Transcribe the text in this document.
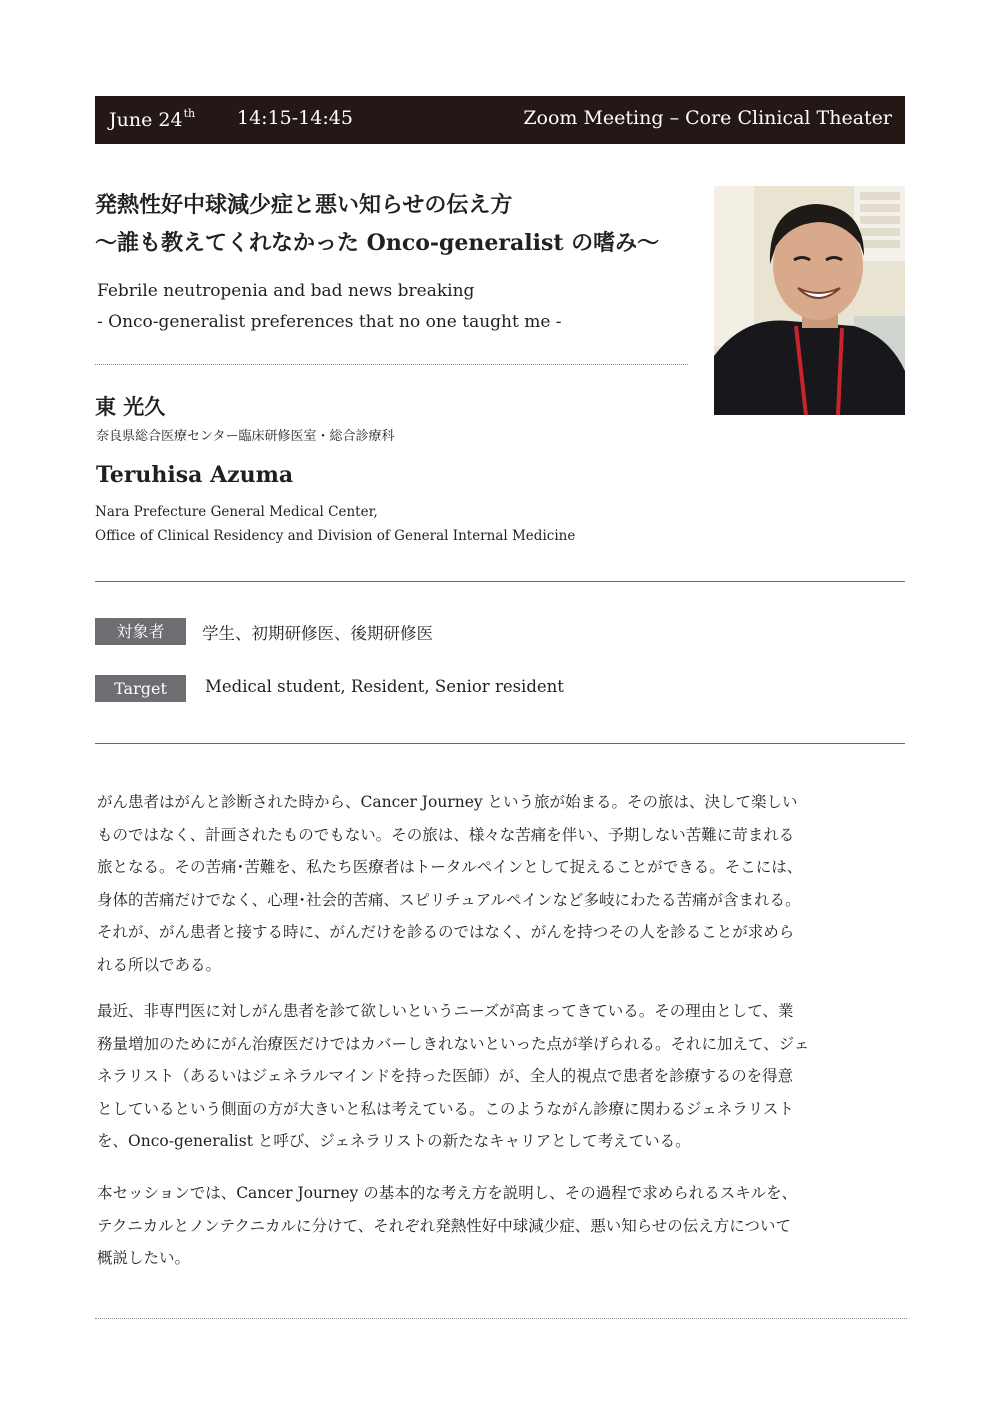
June 24th 14:15-14:45	Zoom Meeting – Core Clinical Theater
発熱性好中球減少症と悪い知らせの伝え方
～誰も教えてくれなかった Onco-generalist の嗜み～
Febrile neutropenia and bad news breaking
- Onco-generalist preferences that no one taught me -
東 光久
奈良県総合医療センター臨床研修医室・総合診療科
Teruhisa Azuma
Nara Prefecture General Medical Center,
Office of Clinical Residency and Division of General Internal Medicine
対象者	学生、初期研修医、後期研修医
Target	Medical student, Resident, Senior resident
がん患者はがんと診断された時から、Cancer Journey という旅が始まる。その旅は、決して楽しい
ものではなく、計画されたものでもない。その旅は、様々な苦痛を伴い、予期しない苦難に苛まれる
旅となる。その苦痛･苦難を、私たち医療者はトータルペインとして捉えることができる。そこには、
身体的苦痛だけでなく、心理･社会的苦痛、スピリチュアルペインなど多岐にわたる苦痛が含まれる。
それが、がん患者と接する時に、がんだけを診るのではなく、がんを持つその人を診ることが求めら
れる所以である。
最近、非専門医に対しがん患者を診て欲しいというニーズが高まってきている。その理由として、業
務量増加のためにがん治療医だけではカバーしきれないといった点が挙げられる。それに加えて、ジェ
ネラリスト（あるいはジェネラルマインドを持った医師）が、全人的視点で患者を診療するのを得意
としているという側面の方が大きいと私は考えている。このようながん診療に関わるジェネラリスト
を、Onco-generalist と呼び、ジェネラリストの新たなキャリアとして考えている。
本セッションでは、Cancer Journey の基本的な考え方を説明し、その過程で求められるスキルを、
テクニカルとノンテクニカルに分けて、それぞれ発熱性好中球減少症、悪い知らせの伝え方について
概説したい。
